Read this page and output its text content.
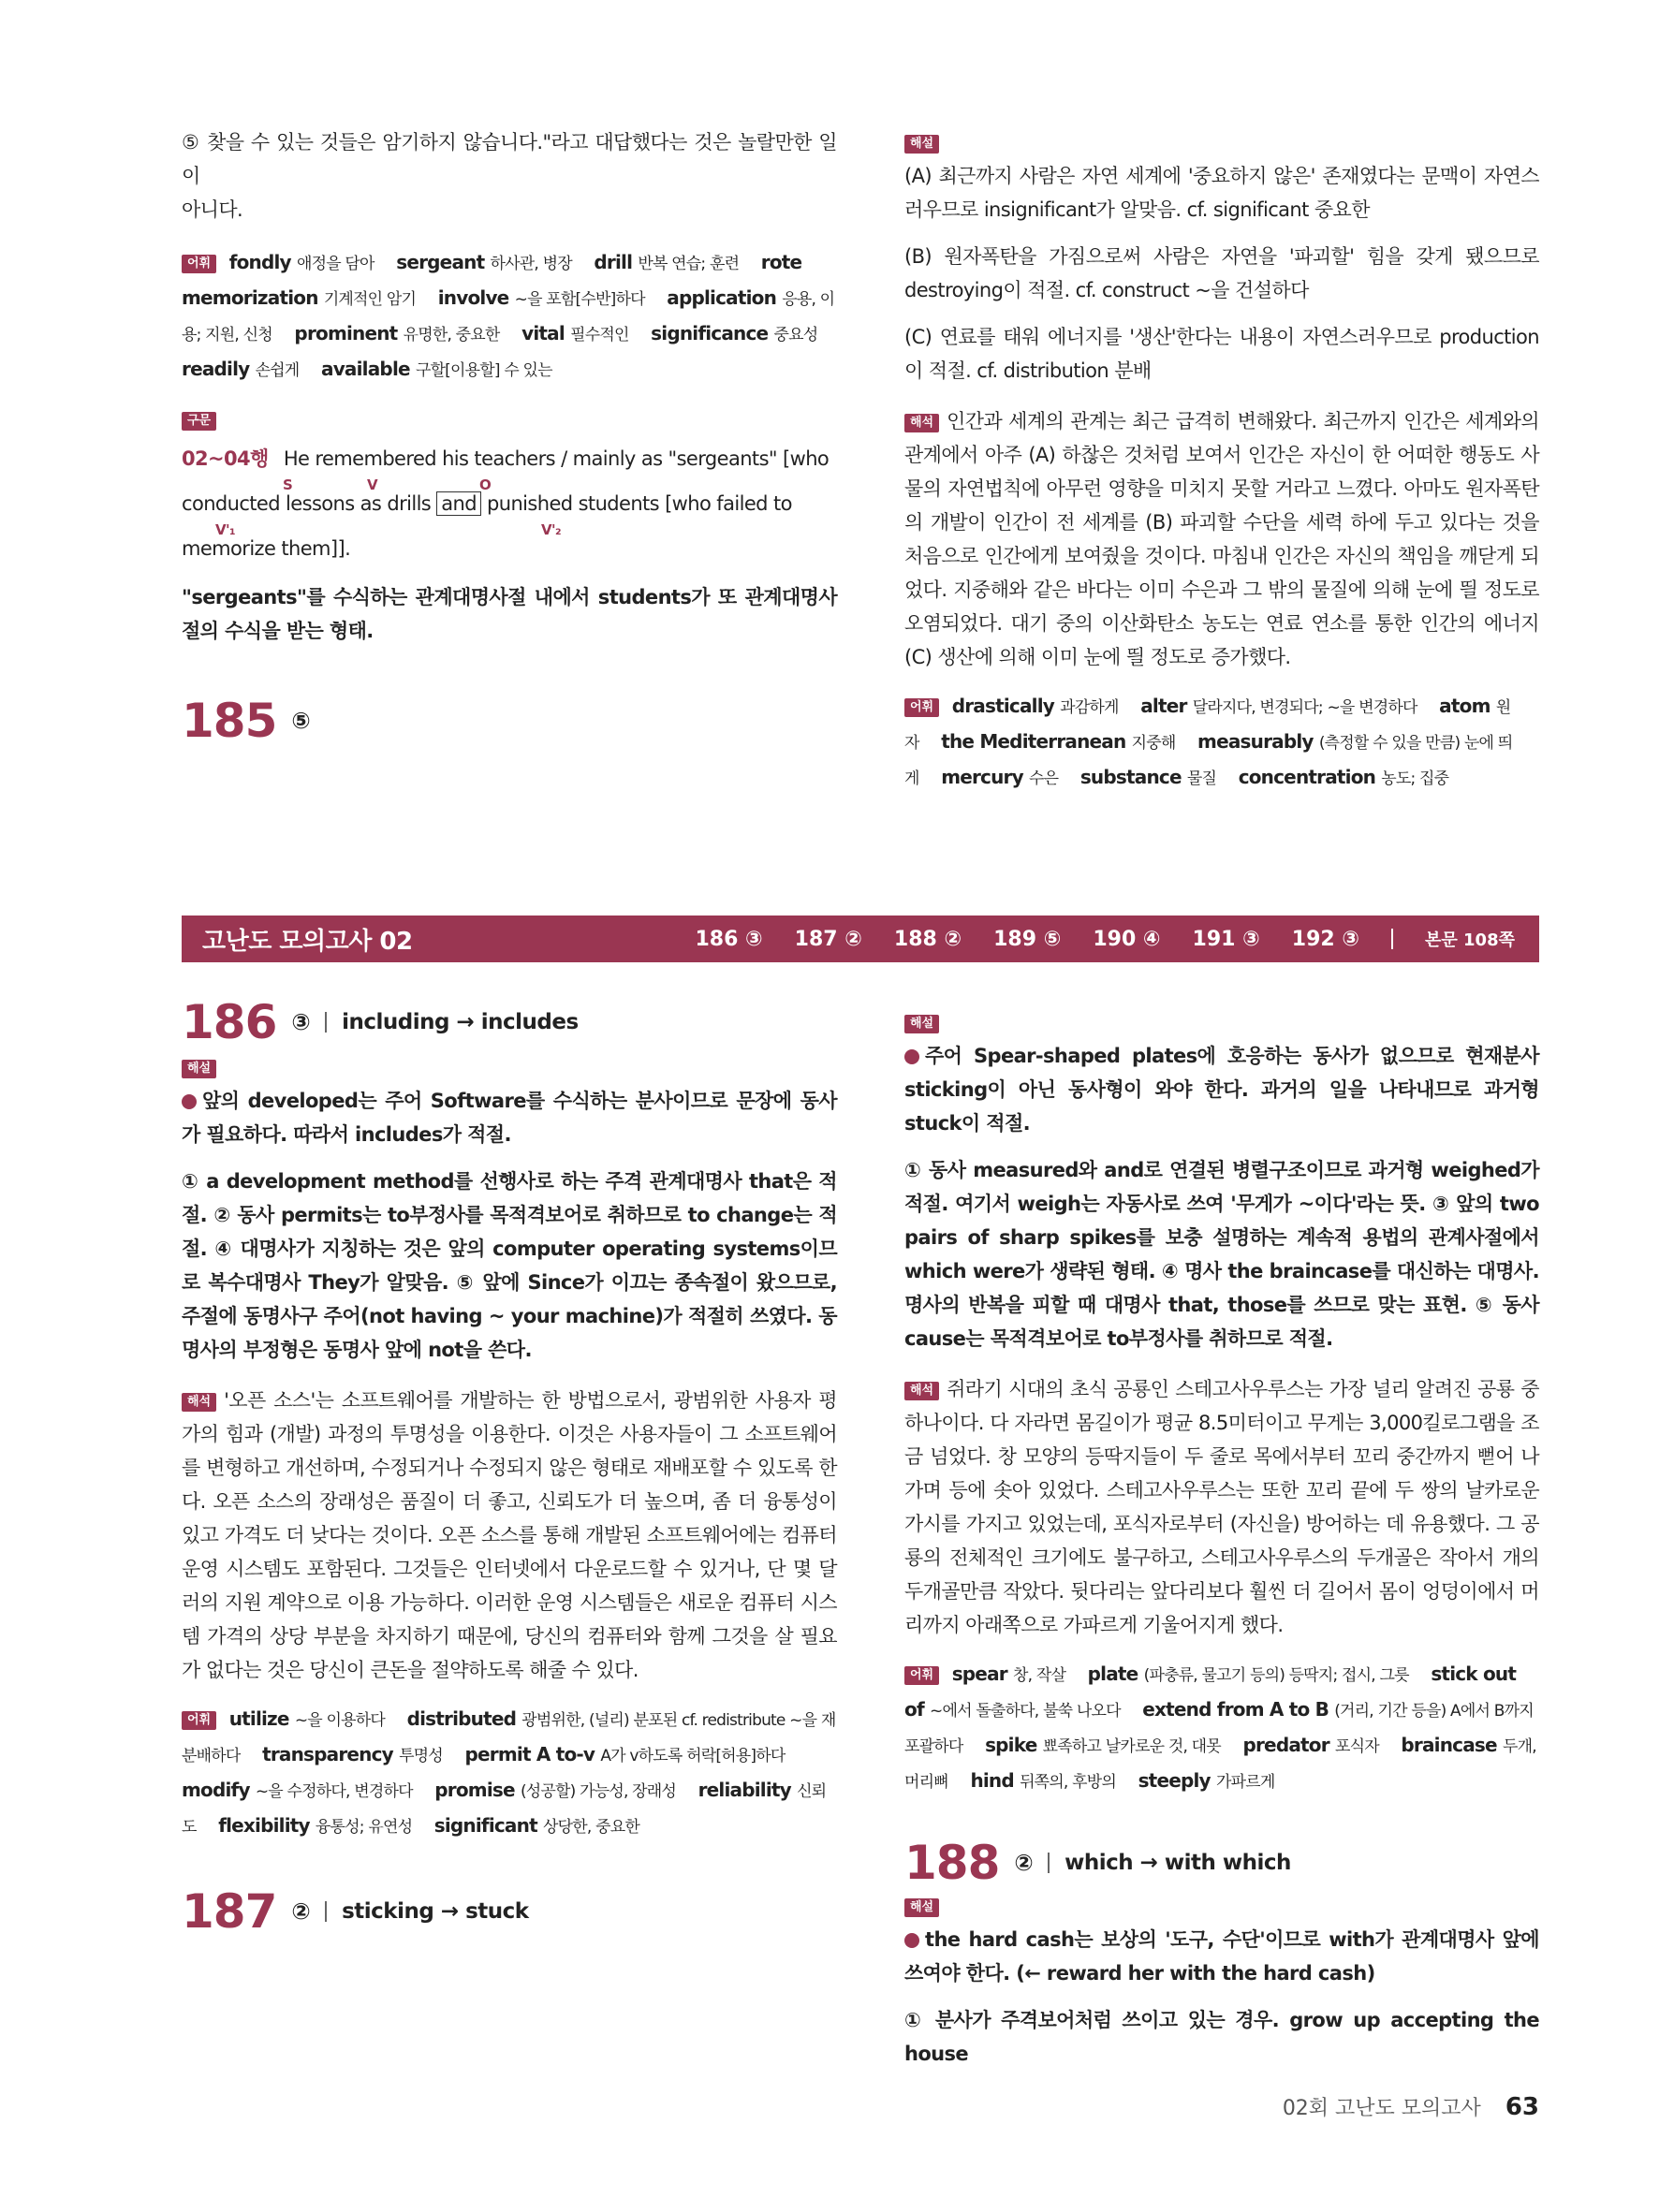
⑤ 찾을 수 있는 것들은 암기하지 않습니다."라고 대답했다는 것은 놀랄만한 일이

아니다.

어휘 fondly 애정을 담아 sergeant 하사관, 병장 drill 반복 연습; 훈련 rote memorization 기계적인 암기 involve ~을 포함[수반]하다 application 응용, 이용; 지원, 신청 prominent 유명한, 중요한 vital 필수적인 significance 중요성 readily 손쉽게 available 구할[이용할] 수 있는
구문
02~04행 He remembered his teachers / mainly as "sergeants" [who
conducted lessons as drills and punished students [who failed to
memorize them]].
S	V	O
V'₁	V'₂

"sergeants"를 수식하는 관계대명사절 내에서 students가 또 관계대명사절의 수식을 받는 형태.

185 ⑤
해설

(A) 최근까지 사람은 자연 세계에 '중요하지 않은' 존재였다는 문맥이 자연스러우므로 insignificant가 알맞음. cf. significant 중요한

(B) 원자폭탄을 가짐으로써 사람은 자연을 '파괴할' 힘을 갖게 됐으므로 destroying이 적절. cf. construct ~을 건설하다

(C) 연료를 태워 에너지를 '생산'한다는 내용이 자연스러우므로 production이 적절. cf. distribution 분배

해석 인간과 세계의 관계는 최근 급격히 변해왔다. 최근까지 인간은 세계와의 관계에서 아주 (A) 하찮은 것처럼 보여서 인간은 자신이 한 어떠한 행동도 사물의 자연법칙에 아무런 영향을 미치지 못할 거라고 느꼈다. 아마도 원자폭탄의 개발이 인간이 전 세계를 (B) 파괴할 수단을 세력 하에 두고 있다는 것을 처음으로 인간에게 보여줬을 것이다. 마침내 인간은 자신의 책임을 깨닫게 되었다. 지중해와 같은 바다는 이미 수은과 그 밖의 물질에 의해 눈에 띌 정도로 오염되었다. 대기 중의 이산화탄소 농도는 연료 연소를 통한 인간의 에너지 (C) 생산에 의해 이미 눈에 띌 정도로 증가했다.

어휘 drastically 과감하게 alter 달라지다, 변경되다; ~을 변경하다 atom 원자 the Mediterranean 지중해 measurably (측정할 수 있을 만큼) 눈에 띄게 mercury 수은 substance 물질 concentration 농도; 집중
고난도 모의고사 02	186 ③ 187 ② 188 ② 189 ⑤ 190 ④ 191 ③ 192 ③	본문 108쪽
186 ③ including → includes
해설

앞의 developed는 주어 Software를 수식하는 분사이므로 문장에 동사가 필요하다. 따라서 includes가 적절.

① a development method를 선행사로 하는 주격 관계대명사 that은 적절. ② 동사 permits는 to부정사를 목적격보어로 취하므로 to change는 적절. ④ 대명사가 지칭하는 것은 앞의 computer operating systems이므로 복수대명사 They가 알맞음. ⑤ 앞에 Since가 이끄는 종속절이 왔으므로, 주절에 동명사구 주어(not having ~ your machine)가 적절히 쓰였다. 동명사의 부정형은 동명사 앞에 not을 쓴다.

해석 '오픈 소스'는 소프트웨어를 개발하는 한 방법으로서, 광범위한 사용자 평가의 힘과 (개발) 과정의 투명성을 이용한다. 이것은 사용자들이 그 소프트웨어를 변형하고 개선하며, 수정되거나 수정되지 않은 형태로 재배포할 수 있도록 한다. 오픈 소스의 장래성은 품질이 더 좋고, 신뢰도가 더 높으며, 좀 더 융통성이 있고 가격도 더 낮다는 것이다. 오픈 소스를 통해 개발된 소프트웨어에는 컴퓨터 운영 시스템도 포함된다. 그것들은 인터넷에서 다운로드할 수 있거나, 단 몇 달러의 지원 계약으로 이용 가능하다. 이러한 운영 시스템들은 새로운 컴퓨터 시스템 가격의 상당 부분을 차지하기 때문에, 당신의 컴퓨터와 함께 그것을 살 필요가 없다는 것은 당신이 큰돈을 절약하도록 해줄 수 있다.

어휘 utilize ~을 이용하다 distributed 광범위한, (널리) 분포된 cf. redistribute ~을 재분배하다 transparency 투명성 permit A to-v A가 v하도록 허락[허용]하다 modify ~을 수정하다, 변경하다 promise (성공할) 가능성, 장래성 reliability 신뢰도 flexibility 융통성; 유연성 significant 상당한, 중요한
187 ② sticking → stuck
해설

주어 Spear-shaped plates에 호응하는 동사가 없으므로 현재분사 sticking이 아닌 동사형이 와야 한다. 과거의 일을 나타내므로 과거형 stuck이 적절.

① 동사 measured와 and로 연결된 병렬구조이므로 과거형 weighed가 적절. 여기서 weigh는 자동사로 쓰여 '무게가 ~이다'라는 뜻. ③ 앞의 two pairs of sharp spikes를 보충 설명하는 계속적 용법의 관계사절에서 which were가 생략된 형태. ④ 명사 the braincase를 대신하는 대명사. 명사의 반복을 피할 때 대명사 that, those를 쓰므로 맞는 표현. ⑤ 동사 cause는 목적격보어로 to부정사를 취하므로 적절.

해석 쥐라기 시대의 초식 공룡인 스테고사우루스는 가장 널리 알려진 공룡 중 하나이다. 다 자라면 몸길이가 평균 8.5미터이고 무게는 3,000킬로그램을 조금 넘었다. 창 모양의 등딱지들이 두 줄로 목에서부터 꼬리 중간까지 뻗어 나가며 등에 솟아 있었다. 스테고사우루스는 또한 꼬리 끝에 두 쌍의 날카로운 가시를 가지고 있었는데, 포식자로부터 (자신을) 방어하는 데 유용했다. 그 공룡의 전체적인 크기에도 불구하고, 스테고사우루스의 두개골은 작아서 개의 두개골만큼 작았다. 뒷다리는 앞다리보다 훨씬 더 길어서 몸이 엉덩이에서 머리까지 아래쪽으로 가파르게 기울어지게 했다.

어휘 spear 창, 작살 plate (파충류, 물고기 등의) 등딱지; 접시, 그릇 stick out of ~에서 돌출하다, 불쑥 나오다 extend from A to B (거리, 기간 등을) A에서 B까지 포괄하다 spike 뾰족하고 날카로운 것, 대못 predator 포식자 braincase 두개, 머리뼈 hind 뒤쪽의, 후방의 steeply 가파르게
188 ② which → with which
해설

the hard cash는 보상의 '도구, 수단'이므로 with가 관계대명사 앞에 쓰여야 한다. (← reward her with the hard cash)

① 분사가 주격보어처럼 쓰이고 있는 경우. grow up accepting the house

02회 고난도 모의고사 63
